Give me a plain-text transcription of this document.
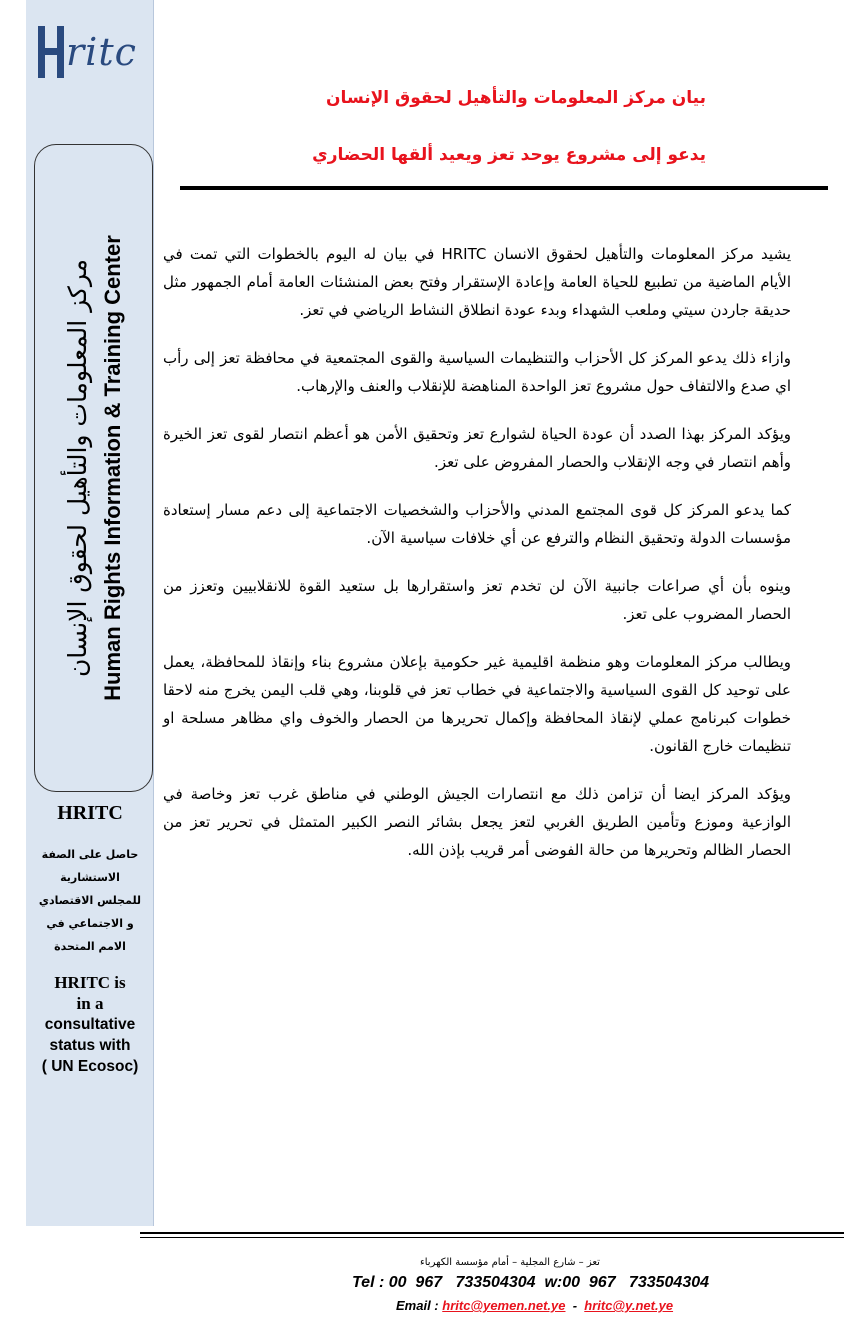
ritc
مركز المعلومات والتأهيل لحقوق الإنسان Human Rights Information & Training Center
HRITC
حاصل على الصفة
الاستشارية
للمجلس الاقتصادي
و الاجتماعي في
الامم المتحدة
HRITC is
in a
consultative
status with
( UN Ecosoc)
بيان مركز المعلومات والتأهيل لحقوق الإنسان
يدعو إلى مشروع يوحد تعز ويعيد ألقها الحضاري

يشيد مركز المعلومات والتأهيل لحقوق الانسان HRITC في بيان له اليوم بالخطوات التي تمت في الأيام الماضية من تطبيع للحياة العامة وإعادة الإستقرار وفتح بعض المنشئات العامة أمام الجمهور مثل حديقة جاردن سيتي وملعب الشهداء وبدء عودة انطلاق النشاط الرياضي في تعز.

وازاء ذلك يدعو المركز كل الأحزاب والتنظيمات السياسية والقوى المجتمعية في محافظة تعز إلى رأب اي صدع والالتفاف حول مشروع تعز الواحدة المناهضة للإنقلاب والعنف والإرهاب.

ويؤكد المركز بهذا الصدد أن عودة الحياة لشوارع تعز وتحقيق الأمن هو أعظم انتصار لقوى تعز الخيرة وأهم انتصار في وجه الإنقلاب والحصار المفروض على تعز.

كما يدعو المركز كل قوى المجتمع المدني والأحزاب والشخصيات الاجتماعية إلى دعم مسار إستعادة مؤسسات الدولة وتحقيق النظام والترفع عن أي خلافات سياسية الآن.

وينوه بأن أي صراعات جانبية الآن لن تخدم تعز واستقرارها بل ستعيد القوة للانقلابيين وتعزز من الحصار المضروب على تعز.

ويطالب مركز المعلومات وهو منظمة اقليمية غير حكومية بإعلان مشروع بناء وإنقاذ للمحافظة، يعمل على توحيد كل القوى السياسية والاجتماعية في خطاب تعز في قلوبنا، وهي قلب اليمن يخرج منه لاحقا خطوات كبرنامج عملي لإنقاذ المحافظة وإكمال تحريرها من الحصار والخوف واي مظاهر مسلحة او تنظيمات خارج القانون.

ويؤكد المركز ايضا أن تزامن ذلك مع انتصارات الجيش الوطني في مناطق غرب تعز وخاصة في الوازعية وموزع وتأمين الطريق الغربي لتعز يجعل بشائر النصر الكبير المتمثل في تحرير تعز من الحصار الظالم وتحريرها من حالة الفوضى أمر قريب بإذن الله.

تعز – شارع المجلية – أمام مؤسسة الكهرباء
Tel : 00  967   733504304  w:00  967   733504304
Email : hritc@yemen.net.ye  -  hritc@y.net.ye
